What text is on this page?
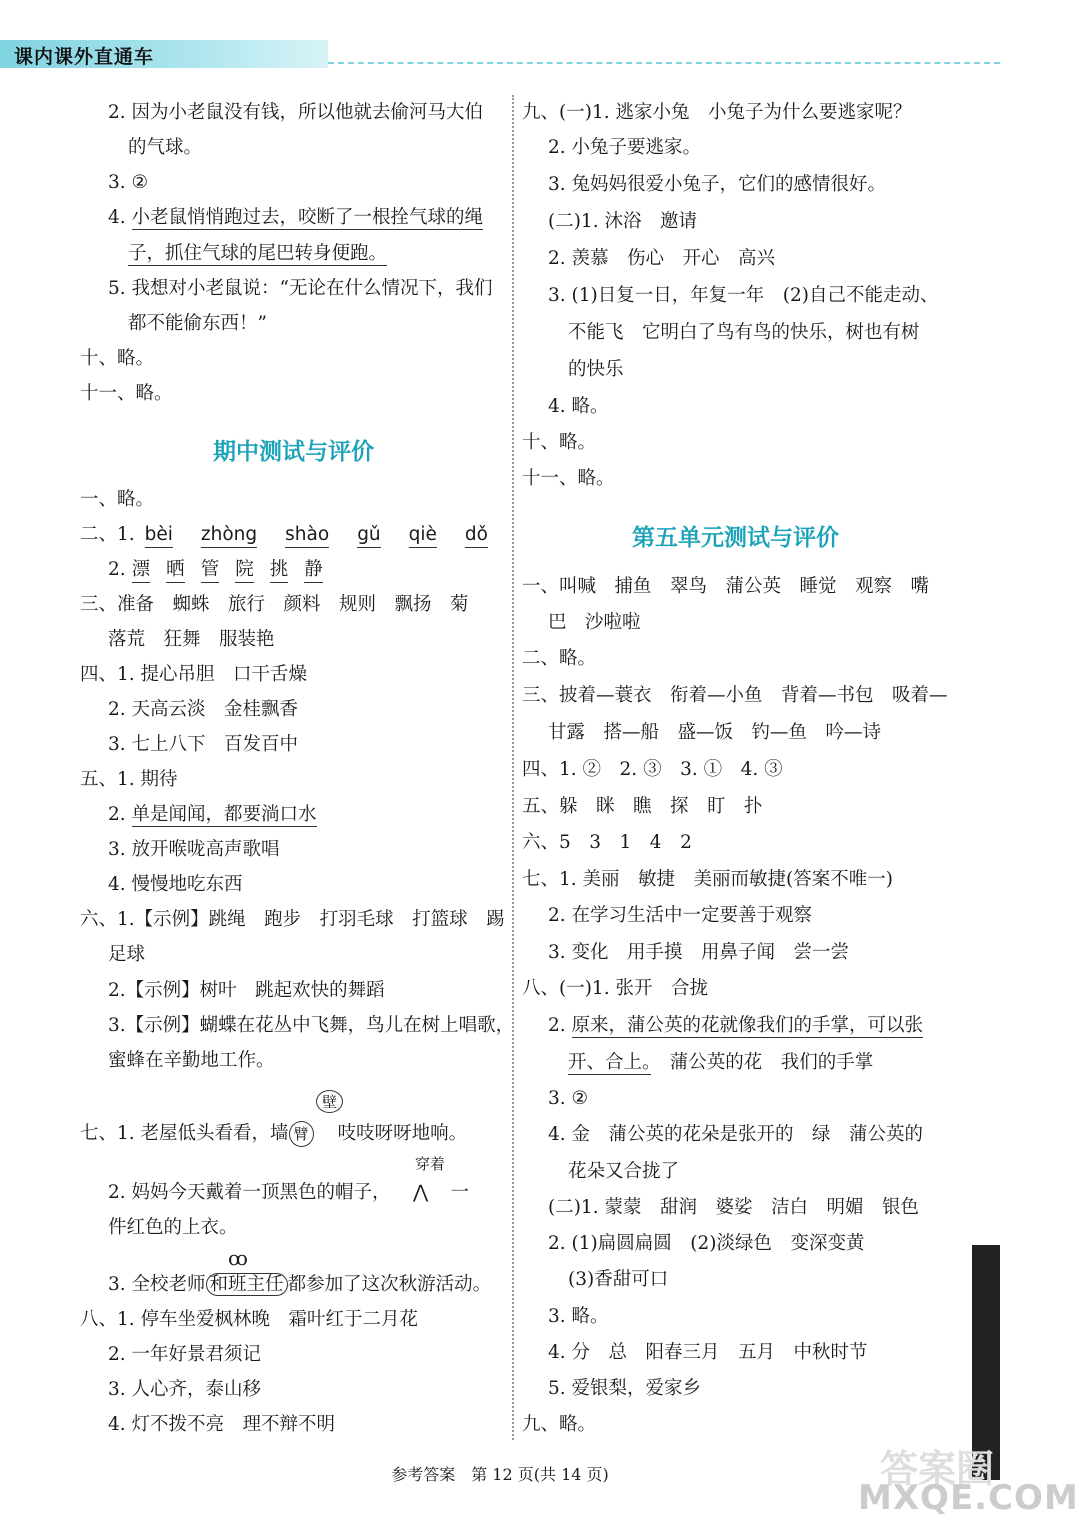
课内课外直通车
2. 因为小老鼠没有钱，所以他就去偷河马大伯
的气球。
3. ②
4. 小老鼠悄悄跑过去，咬断了一根拴气球的绳
子，抓住气球的尾巴转身便跑。
5. 我想对小老鼠说：“无论在什么情况下，我们
都不能偷东西！”
十、略。
十一、略。
期中测试与评价
一、略。
二、1. bèi zhòng shào gǔ qiè dǒ
2. 漂 晒 管 院 挑 静
三、准备　蜘蛛　旅行　颜料　规则　飘扬　菊
落荒　狂舞　服装艳
四、1. 提心吊胆　口干舌燥
2. 天高云淡　金桂飘香
3. 七上八下　百发百中
五、1. 期待
2. 单是闻闻，都要淌口水
3. 放开喉咙高声歌唱
4. 慢慢地吃东西
六、1.【示例】跳绳　跑步　打羽毛球　打篮球　踢
足球
2.【示例】树叶　跳起欢快的舞蹈
3.【示例】蝴蝶在花丛中飞舞，鸟儿在树上唱歌，
蜜蜂在辛勤地工作。
七、1. 老屋低头看看，墙 臂 吱吱呀呀地响。
壁
穿着
2. 妈妈今天戴着一顶黑色的帽子， ⋀ 一
件红色的上衣。
3. 全校老师 和班主任 都参加了这次秋游活动。
ꝏ
八、1. 停车坐爱枫林晚　霜叶红于二月花
2. 一年好景君须记
3. 人心齐，泰山移
4. 灯不拨不亮　理不辩不明
九、(一)1. 逃家小兔　小兔子为什么要逃家呢？
2. 小兔子要逃家。
3. 兔妈妈很爱小兔子，它们的感情很好。
(二)1. 沐浴　邀请
2. 羡慕　伤心　开心　高兴
3. (1)日复一日，年复一年　(2)自己不能走动、
不能飞　它明白了鸟有鸟的快乐，树也有树
的快乐
4. 略。
十、略。
十一、略。
第五单元测试与评价
一、叫喊　捕鱼　翠鸟　蒲公英　睡觉　观察　嘴
巴　沙啦啦
二、略。
三、披着—蓑衣　衔着—小鱼　背着—书包　吸着—
甘露　搭—船　盛—饭　钓—鱼　吟—诗
四、1. ②　2. ③　3. ①　4. ③
五、躲　眯　瞧　探　盯　扑
六、5　3　1　4　2
七、1. 美丽　敏捷　美丽而敏捷(答案不唯一)
2. 在学习生活中一定要善于观察
3. 变化　用手摸　用鼻子闻　尝一尝
八、(一)1. 张开　合拢
2. 原来，蒲公英的花就像我们的手掌，可以张
开、合上。　蒲公英的花　我们的手掌
3. ②
4. 金　蒲公英的花朵是张开的　绿　蒲公英的
花朵又合拢了
(二)1. 蒙蒙　甜润　婆娑　洁白　明媚　银色
2. (1)扁圆扁圆　(2)淡绿色　变深变黄
(3)香甜可口
3. 略。
4. 分　总　阳春三月　五月　中秋时节
5. 爱银梨，爱家乡
九、略。
参考答案　第 12 页(共 14 页)	答案圈
MXQE.COM
